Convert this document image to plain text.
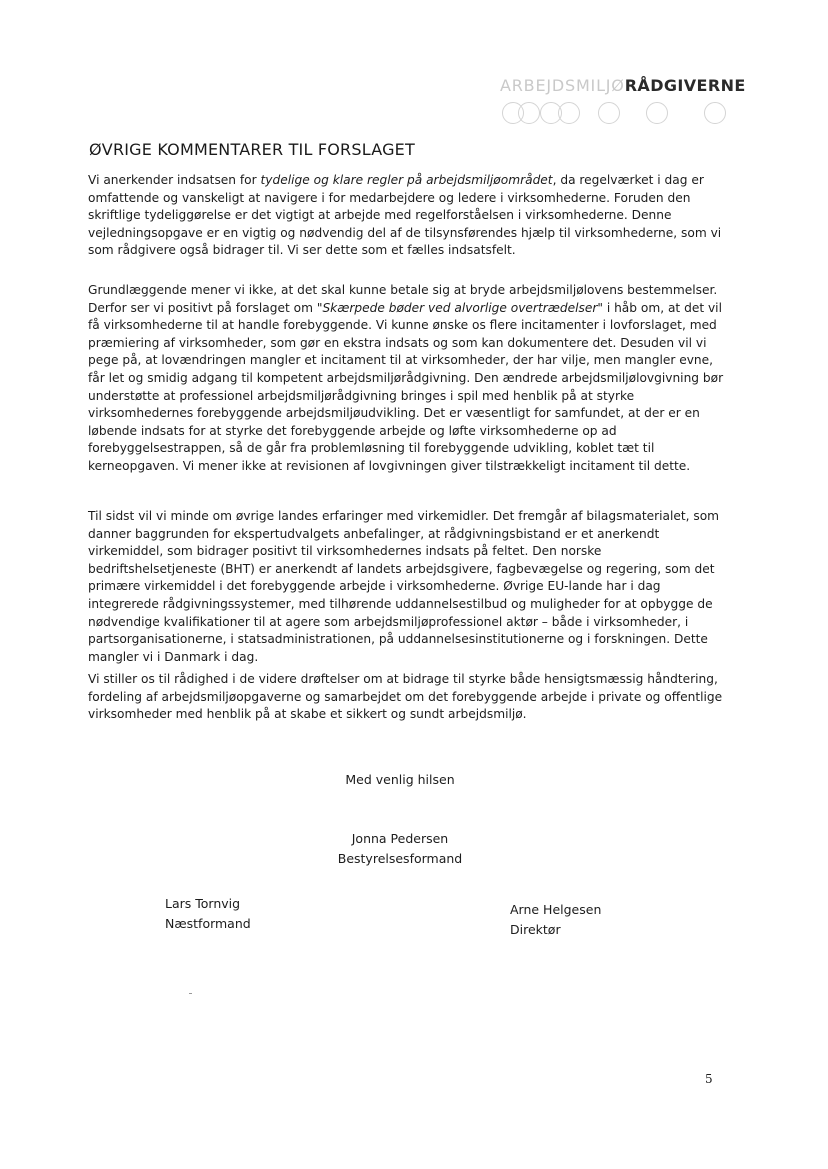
ARBEJDSMILJØRÅDGIVERNE
ØVRIGE KOMMENTARER TIL FORSLAGET

Vi anerkender indsatsen for tydelige og klare regler på arbejdsmiljøområdet, da regelværket i dag er omfattende og vanskeligt at navigere i for medarbejdere og ledere i virksomhederne. Foruden den skriftlige tydeliggørelse er det vigtigt at arbejde med regelforståelsen i virksomhederne. Denne vejledningsopgave er en vigtig og nødvendig del af de tilsynsførendes hjælp til virksomhederne, som vi som rådgivere også bidrager til. Vi ser dette som et fælles indsatsfelt.

Grundlæggende mener vi ikke, at det skal kunne betale sig at bryde arbejdsmiljølovens bestemmelser. Derfor ser vi positivt på forslaget om "Skærpede bøder ved alvorlige overtrædelser" i håb om, at det vil få virksomhederne til at handle forebyggende. Vi kunne ønske os flere incitamenter i lovforslaget, med præmiering af virksomheder, som gør en ekstra indsats og som kan dokumentere det. Desuden vil vi pege på, at lovændringen mangler et incitament til at virksomheder, der har vilje, men mangler evne, får let og smidig adgang til kompetent arbejdsmiljørådgivning. Den ændrede arbejdsmiljølovgivning bør understøtte at professionel arbejdsmiljørådgivning bringes i spil med henblik på at styrke virksomhedernes forebyggende arbejdsmiljøudvikling. Det er væsentligt for samfundet, at der er en løbende indsats for at styrke det forebyggende arbejde og løfte virksomhederne op ad forebyggelsestrappen, så de går fra problemløsning til forebyggende udvikling, koblet tæt til kerneopgaven. Vi mener ikke at revisionen af lovgivningen giver tilstrækkeligt incitament til dette.

Til sidst vil vi minde om øvrige landes erfaringer med virkemidler. Det fremgår af bilagsmaterialet, som danner baggrunden for ekspertudvalgets anbefalinger, at rådgivningsbistand er et anerkendt virkemiddel, som bidrager positivt til virksomhedernes indsats på feltet. Den norske bedriftshelsetjeneste (BHT) er anerkendt af landets arbejdsgivere, fagbevægelse og regering, som det primære virkemiddel i det forebyggende arbejde i virksomhederne. Øvrige EU-lande har i dag integrerede rådgivningssystemer, med tilhørende uddannelsestilbud og muligheder for at opbygge de nødvendige kvalifikationer til at agere som arbejdsmiljøprofessionel aktør – både i virksomheder, i partsorganisationerne, i statsadministrationen, på uddannelsesinstitutionerne og i forskningen. Dette mangler vi i Danmark i dag.

Vi stiller os til rådighed i de videre drøftelser om at bidrage til styrke både hensigtsmæssig håndtering, fordeling af arbejdsmiljøopgaverne og samarbejdet om det forebyggende arbejde i private og offentlige virksomheder med henblik på at skabe et sikkert og sundt arbejdsmiljø.

Med venlig hilsen
Jonna Pedersen
Bestyrelsesformand
Lars Tornvig
Næstformand
Arne Helgesen
Direktør
5
